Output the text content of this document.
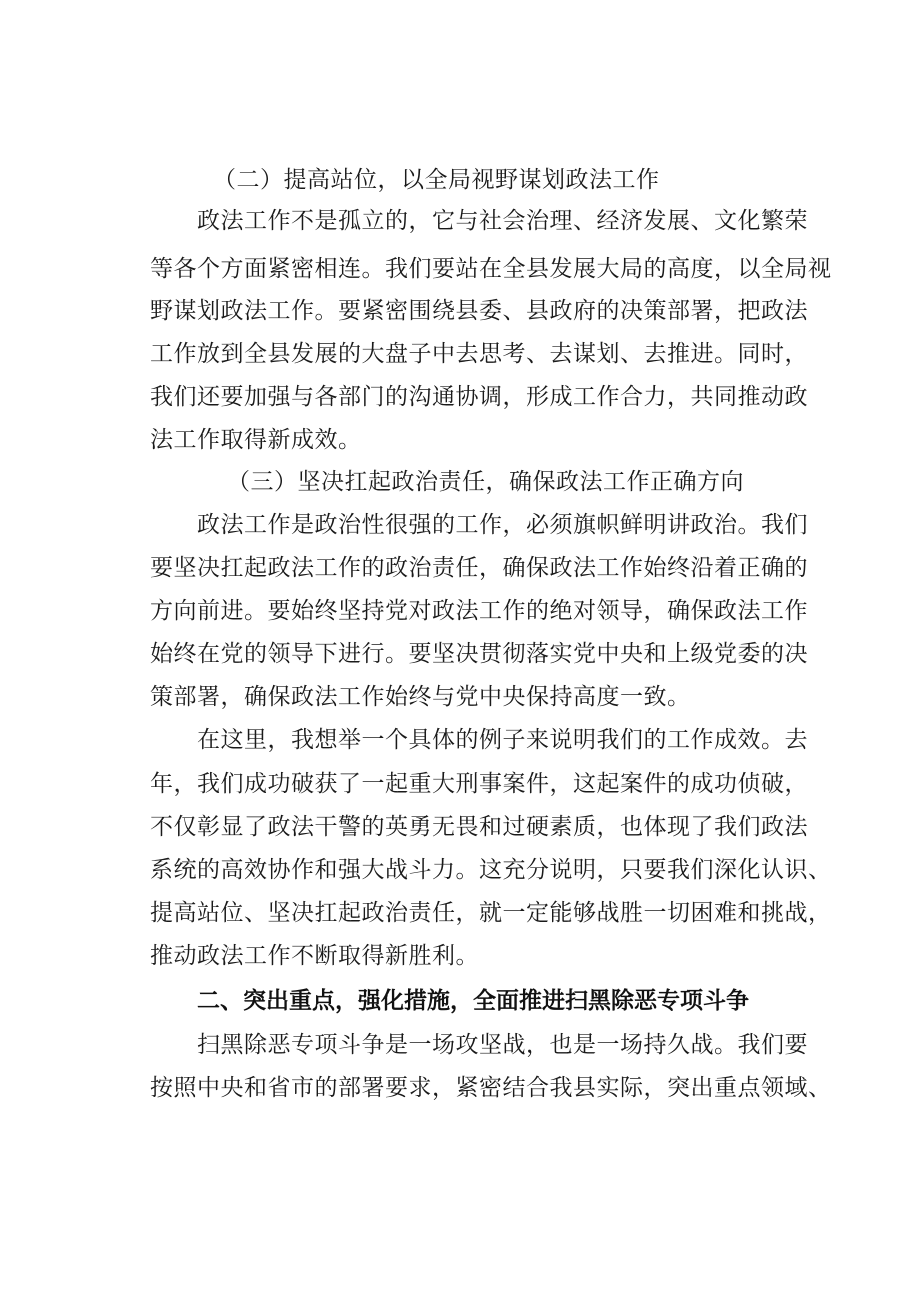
（二）提高站位，以全局视野谋划政法工作
政法工作不是孤立的，它与社会治理、经济发展、文化繁荣
等各个方面紧密相连。我们要站在全县发展大局的高度，以全局视
野谋划政法工作。要紧密围绕县委、县政府的决策部署，把政法
工作放到全县发展的大盘子中去思考、去谋划、去推进。同时，
我们还要加强与各部门的沟通协调，形成工作合力，共同推动政
法工作取得新成效。
（三）坚决扛起政治责任，确保政法工作正确方向
政法工作是政治性很强的工作，必须旗帜鲜明讲政治。我们
要坚决扛起政法工作的政治责任，确保政法工作始终沿着正确的
方向前进。要始终坚持党对政法工作的绝对领导，确保政法工作
始终在党的领导下进行。要坚决贯彻落实党中央和上级党委的决
策部署，确保政法工作始终与党中央保持高度一致。
在这里，我想举一个具体的例子来说明我们的工作成效。去
年，我们成功破获了一起重大刑事案件，这起案件的成功侦破，
不仅彰显了政法干警的英勇无畏和过硬素质，也体现了我们政法
系统的高效协作和强大战斗力。这充分说明，只要我们深化认识、
提高站位、坚决扛起政治责任，就一定能够战胜一切困难和挑战，
推动政法工作不断取得新胜利。
二、突出重点，强化措施，全面推进扫黑除恶专项斗争
扫黑除恶专项斗争是一场攻坚战，也是一场持久战。我们要
按照中央和省市的部署要求，紧密结合我县实际，突出重点领域、
